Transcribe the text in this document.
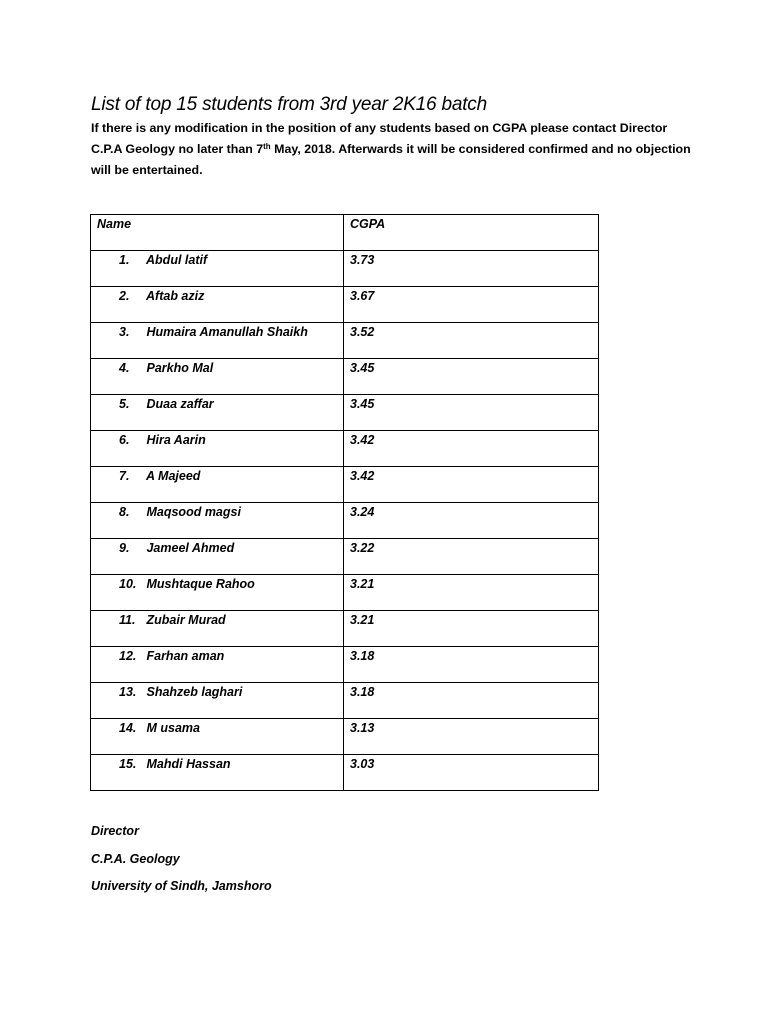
List of top 15 students from 3rd year 2K16 batch

If there is any modification in the position of any students based on CGPA please contact Director C.P.A Geology no later than 7th May, 2018. Afterwards it will be considered confirmed and no objection will be entertained.

Name	CGPA

1. Abdul latif	3.73

2. Aftab aziz	3.67

3. Humaira Amanullah Shaikh	3.52

4. Parkho Mal	3.45

5. Duaa zaffar	3.45

6. Hira Aarin	3.42

7. A Majeed	3.42

8. Maqsood magsi	3.24

9. Jameel Ahmed	3.22

10. Mushtaque Rahoo	3.21

11. Zubair Murad	3.21

12. Farhan aman	3.18

13. Shahzeb laghari	3.18

14. M usama	3.13

15. Mahdi Hassan	3.03
Director
C.P.A. Geology
University of Sindh, Jamshoro
